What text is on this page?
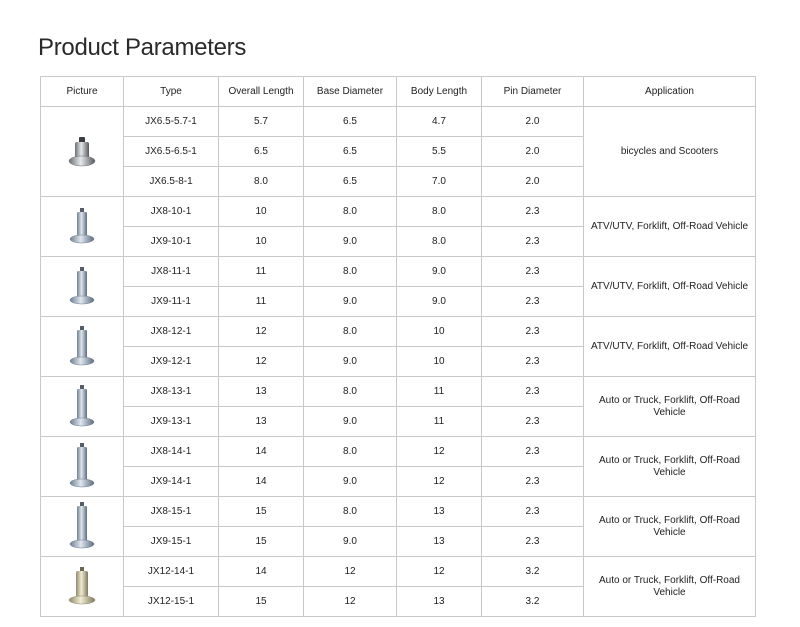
Product Parameters
Picture	Type	Overall Length	Base Diameter	Body Length	Pin Diameter	Application

	JX6.5-5.7-1	5.7	6.5	4.7	2.0	bicycles and Scooters
	JX6.5-6.5-1	6.5	6.5	5.5	2.0	
	JX6.5-8-1	8.0	6.5	7.0	2.0	

	JX8-10-1	10	8.0	8.0	2.3	ATV/UTV, Forklift, Off-Road Vehicle
	JX9-10-1	10	9.0	8.0	2.3	

	JX8-11-1	11	8.0	9.0	2.3	ATV/UTV, Forklift, Off-Road Vehicle
	JX9-11-1	11	9.0	9.0	2.3	

	JX8-12-1	12	8.0	10	2.3	ATV/UTV, Forklift, Off-Road Vehicle
	JX9-12-1	12	9.0	10	2.3	

	JX8-13-1	13	8.0	11	2.3	Auto or Truck, Forklift, Off-Road Vehicle
	JX9-13-1	13	9.0	11	2.3	

	JX8-14-1	14	8.0	12	2.3	Auto or Truck, Forklift, Off-Road Vehicle
	JX9-14-1	14	9.0	12	2.3	

	JX8-15-1	15	8.0	13	2.3	Auto or Truck, Forklift, Off-Road Vehicle
	JX9-15-1	15	9.0	13	2.3	

	JX12-14-1	14	12	12	3.2	Auto or Truck, Forklift, Off-Road Vehicle
	JX12-15-1	15	12	13	3.2	
